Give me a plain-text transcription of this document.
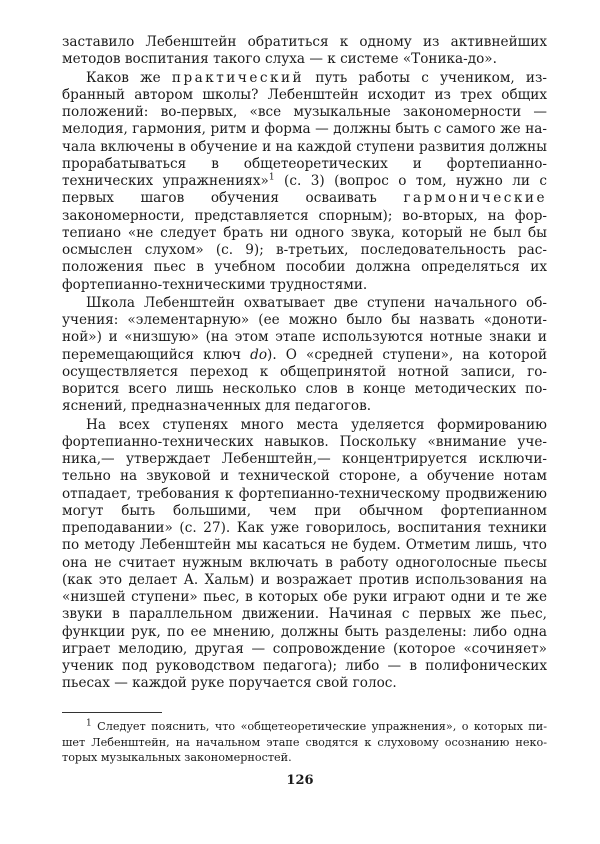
заставило Лебенштейн обратиться к одному из активнейших методов воспитания такого слуха — к системе «Тоника-до».

Каков же практический путь работы с учеником, избранный автором школы? Лебенштейн исходит из трех общих положений: во-первых, «все музыкальные закономерности — мелодия, гармония, ритм и форма — должны быть с самого же начала включены в обучение и на каждой ступени развития должны прорабатываться в общетеоретических и фортепианно-технических упражнениях»$^1$ (с. 3) (вопрос о том, нужно ли с первых шагов обучения осваивать гармонические закономерности, представляется спорным); во-вторых, на фортепиано «не следует брать ни одного звука, который не был бы осмыслен слухом» (с. 9); в-третьих, последовательность расположения пьес в учебном пособии должна определяться их фортепианно-техническими трудностями.

Школа Лебенштейн охватывает две ступени начального обучения: «элементарную» (ее можно было бы назвать «донотиной») и «низшую» (на этом этапе используются нотные знаки и перемещающийся ключ do). О «средней ступени», на которой осуществляется переход к общепринятой нотной записи, говорится всего лишь несколько слов в конце методических пояснений, предназначенных для педагогов.

На всех ступенях много места уделяется формированию фортепианно-технических навыков. Поскольку «внимание ученика,— утверждает Лебенштейн,— концентрируется исключительно на звуковой и технической стороне, а обучение нотам отпадает, требования к фортепианно-техническому продвижению могут быть большими, чем при обычном фортепианном преподавании» (с. 27). Как уже говорилось, воспитания техники по методу Лебенштейн мы касаться не будем. Отметим лишь, что она не считает нужным включать в работу одноголосные пьесы (как это делает А. Хальм) и возражает против использования на «низшей ступени» пьес, в которых обе руки играют одни и те же звуки в параллельном движении. Начиная с первых же пьес, функции рук, по ее мнению, должны быть разделены: либо одна играет мелодию, другая — сопровождение (которое «сочиняет» ученик под руководством педагога); либо — в полифонических пьесах — каждой руке поручается свой голос.

$^1$ Следует пояснить, что «общетеоретические упражнения», о которых пишет Лебенштейн, на начальном этапе сводятся к слуховому осознанию некоторых музыкальных закономерностей.

126
